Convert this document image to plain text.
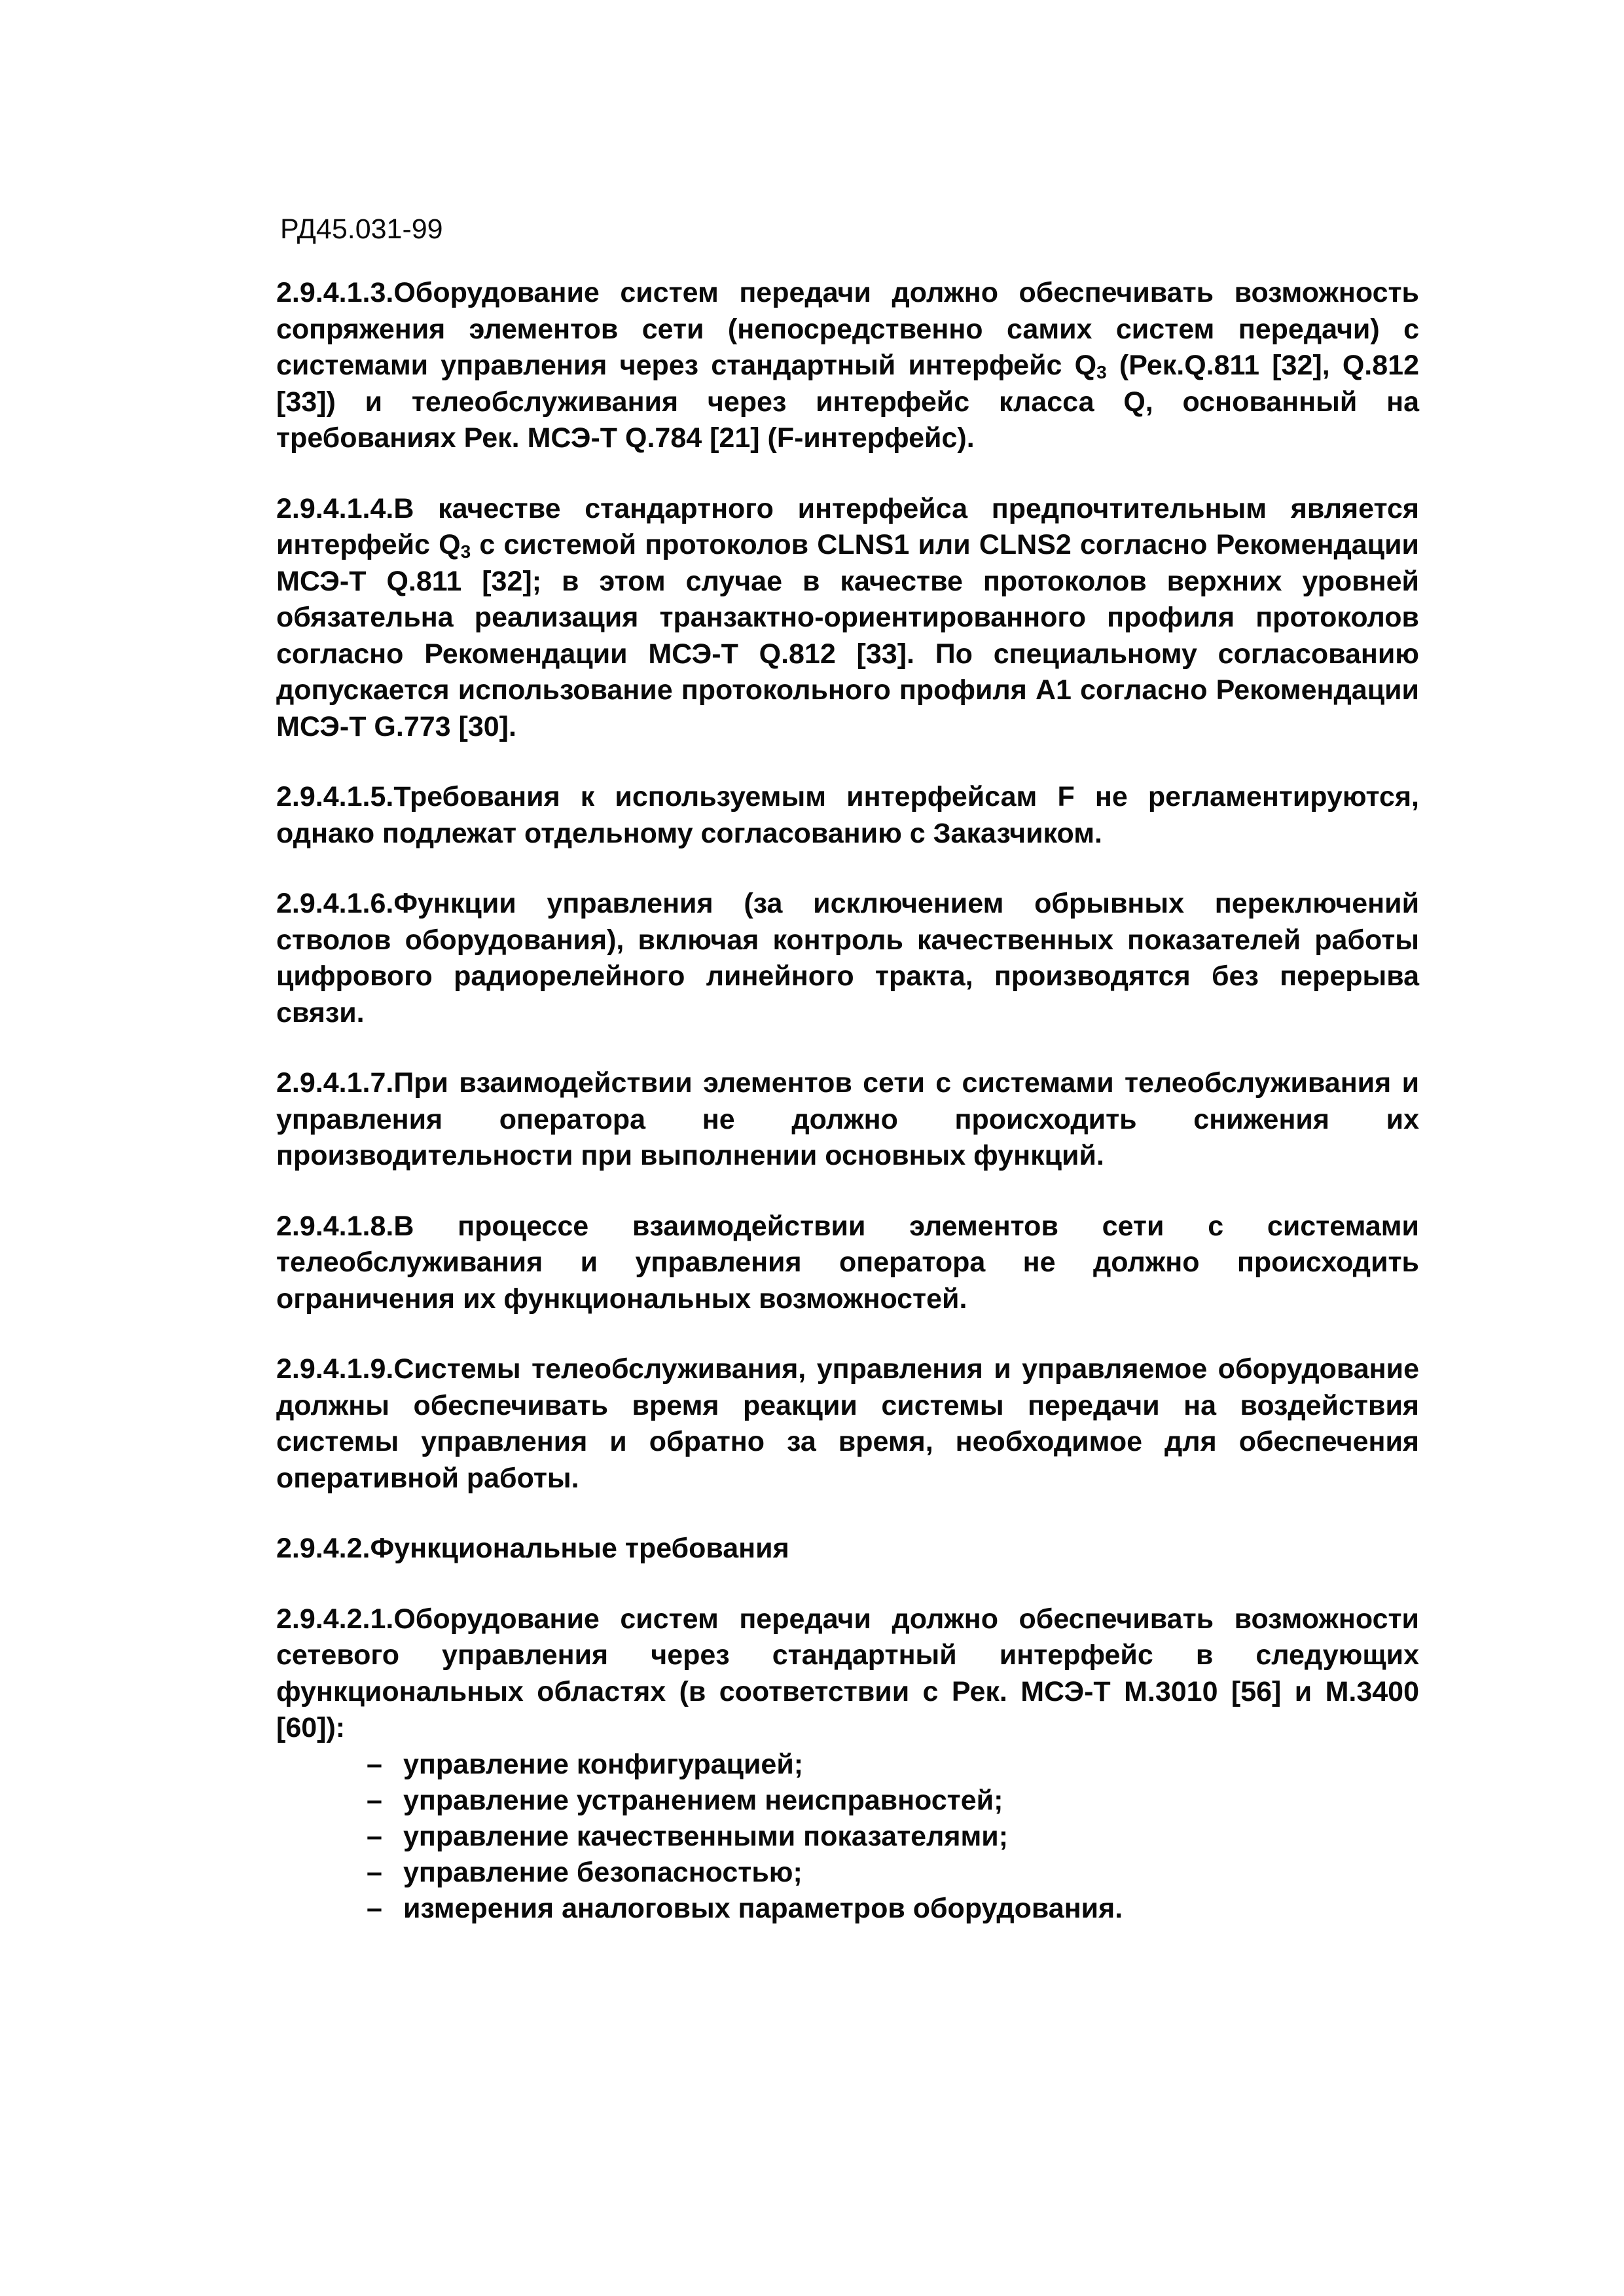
РД45.031-99

2.9.4.1.3.Оборудование систем передачи должно обеспечивать возможность сопряжения элементов сети (непосредственно самих систем передачи) с системами управления через стандартный интерфейс $Q_3$ (Рек.Q.811 [32], Q.812 [33]) и телеобслуживания через интерфейс класса Q, основанный на требованиях Рек. МСЭ-Т Q.784 [21] (F-интерфейс).

2.9.4.1.4.В качестве стандартного интерфейса предпочтительным является интерфейс $Q_3$ с системой протоколов CLNS1 или CLNS2 согласно Рекомендации МСЭ-Т Q.811 [32]; в этом случае в качестве протоколов верхних уровней обязательна реализация транзактно-ориентированного профиля протоколов согласно Рекомендации МСЭ-Т Q.812 [33]. По специальному согласованию допускается использование протокольного профиля А1 согласно Рекомендации МСЭ-Т G.773 [30].

2.9.4.1.5.Требования к используемым интерфейсам F не регламентируются, однако подлежат отдельному согласованию с Заказчиком.

2.9.4.1.6.Функции управления (за исключением обрывных переключений стволов оборудования), включая контроль качественных показателей работы цифрового радиорелейного линейного тракта, производятся без перерыва связи.

2.9.4.1.7.При взаимодействии элементов сети с системами телеобслуживания и управления оператора не должно происходить снижения их производительности при выполнении основных функций.

2.9.4.1.8.В процессе взаимодействии элементов сети с системами телеобслуживания и управления оператора не должно происходить ограничения их функциональных возможностей.

2.9.4.1.9.Системы телеобслуживания, управления и управляемое оборудование должны обеспечивать время реакции системы передачи на воздействия системы управления и обратно за время, необходимое для обеспечения оперативной работы.

2.9.4.2.Функциональные требования

2.9.4.2.1.Оборудование систем передачи должно обеспечивать возможности сетевого управления через стандартный интерфейс в следующих функциональных областях (в соответствии с Рек. МСЭ-Т М.3010 [56] и М.3400 [60]):

– управление конфигурацией;
– управление устранением неисправностей;
– управление качественными показателями;
– управление безопасностью;
– измерения аналоговых параметров оборудования.
